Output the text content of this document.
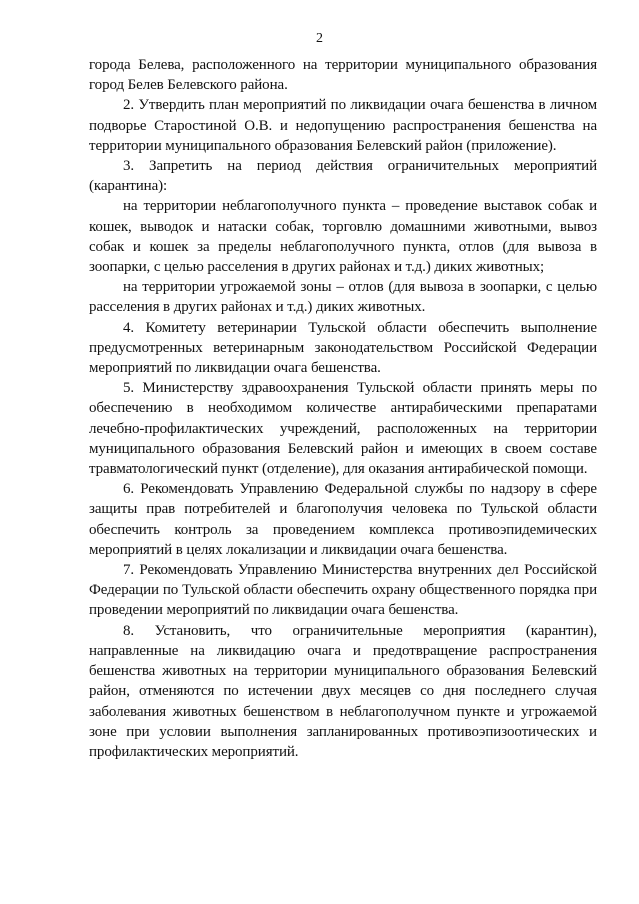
2

города Белева, расположенного на территории муниципального образования город Белев Белевского района.

2. Утвердить план мероприятий по ликвидации очага бешенства в личном подворье Старостиной О.В. и недопущению распространения бешенства на территории муниципального образования Белевский район (приложение).

3. Запретить на период действия ограничительных мероприятий (карантина):

на территории неблагополучного пункта – проведение выставок собак и кошек, выводок и натаски собак, торговлю домашними животными, вывоз собак и кошек за пределы неблагополучного пункта, отлов (для вывоза в зоопарки, с целью расселения в других районах и т.д.) диких животных;

на территории угрожаемой зоны – отлов (для вывоза в зоопарки, с целью расселения в других районах и т.д.) диких животных.

4. Комитету ветеринарии Тульской области обеспечить выполнение предусмотренных ветеринарным законодательством Российской Федерации мероприятий по ликвидации очага бешенства.

5. Министерству здравоохранения Тульской области принять меры по обеспечению в необходимом количестве антирабическими препаратами лечебно-профилактических учреждений, расположенных на территории муниципального образования Белевский район и имеющих в своем составе травматологический пункт (отделение), для оказания антирабической помощи.

6. Рекомендовать Управлению Федеральной службы по надзору в сфере защиты прав потребителей и благополучия человека по Тульской области обеспечить контроль за проведением комплекса противоэпидемических мероприятий в целях локализации и ликвидации очага бешенства.

7. Рекомендовать Управлению Министерства внутренних дел Российской Федерации по Тульской области обеспечить охрану общественного порядка при проведении мероприятий по ликвидации очага бешенства.

8. Установить, что ограничительные мероприятия (карантин), направленные на ликвидацию очага и предотвращение распространения бешенства животных на территории муниципального образования Белевский район, отменяются по истечении двух месяцев со дня последнего случая заболевания животных бешенством в неблагополучном пункте и угрожаемой зоне при условии выполнения запланированных противоэпизоотических и профилактических мероприятий.
